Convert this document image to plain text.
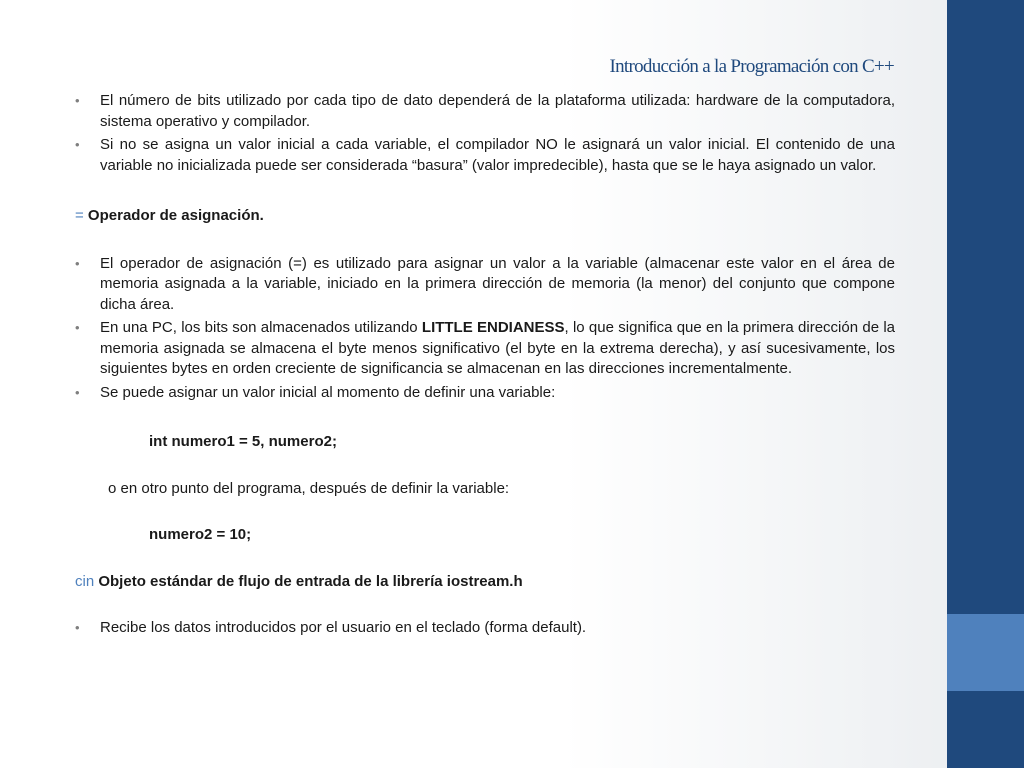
Introducción a la Programación con C++

• El número de bits utilizado por cada tipo de dato dependerá de la plataforma utilizada: hardware de la computadora, sistema operativo y compilador.

• Si no se asigna un valor inicial a cada variable, el compilador NO le asignará un valor inicial. El contenido de una variable no inicializada puede ser considerada “basura” (valor impredecible), hasta que se le haya asignado un valor.

= Operador de asignación.

• El operador de asignación (=) es utilizado para asignar un valor a la variable (almacenar este valor en el área de memoria asignada a la variable, iniciado en la primera dirección de memoria (la menor) del conjunto que compone dicha área.

• En una PC, los bits son almacenados utilizando LITTLE ENDIANESS, lo que significa que en la primera dirección de la memoria asignada se almacena el byte menos significativo (el byte en la extrema derecha), y así sucesivamente, los siguientes bytes en orden creciente de significancia se almacenan en las direcciones incrementalmente.

• Se puede asignar un valor inicial al momento de definir una variable:

int numero1 = 5, numero2;

o en otro punto del programa, después de definir la variable:

numero2 = 10;

cin Objeto estándar de flujo de entrada de la librería iostream.h

• Recibe los datos introducidos por el usuario en el teclado (forma default).
